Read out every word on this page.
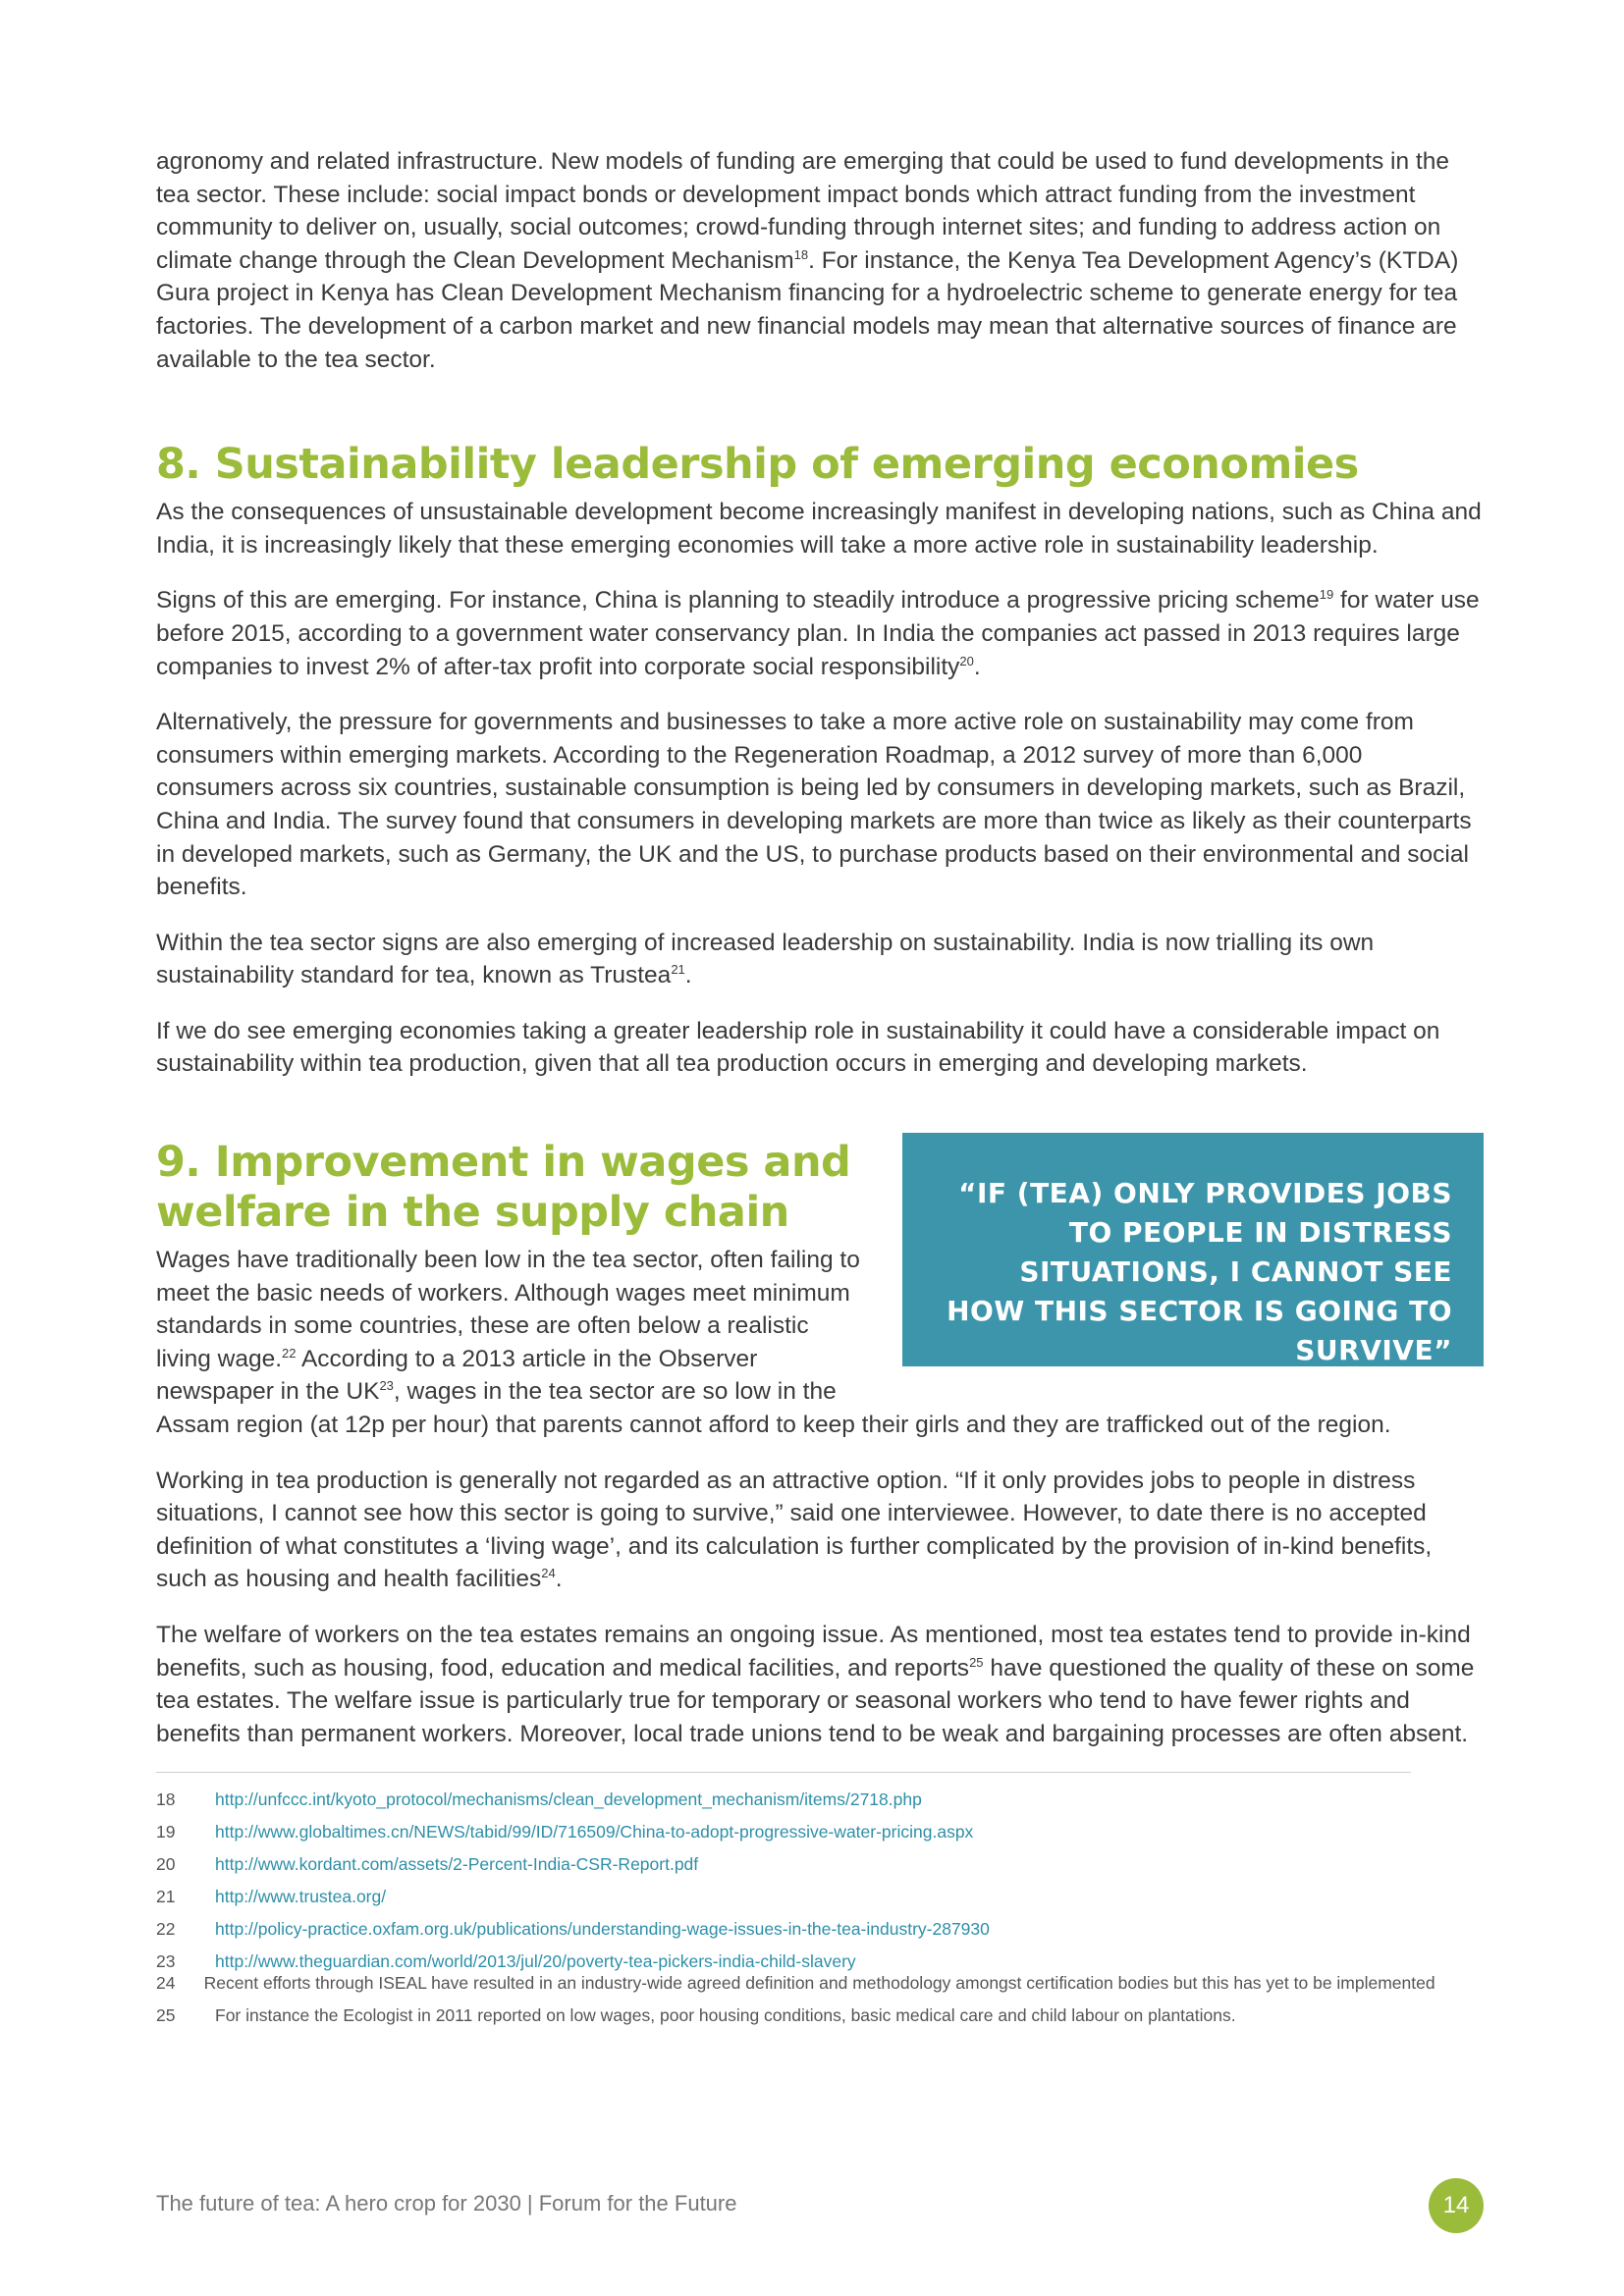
agronomy and related infrastructure. New models of funding are emerging that could be used to fund developments in the tea sector. These include: social impact bonds or development impact bonds which attract funding from the investment community to deliver on, usually, social outcomes; crowd-funding through internet sites; and funding to address action on climate change through the Clean Development Mechanism$^{18}$. For instance, the Kenya Tea Development Agency’s (KTDA) Gura project in Kenya has Clean Development Mechanism financing for a hydroelectric scheme to generate energy for tea factories. The development of a carbon market and new financial models may mean that alternative sources of finance are available to the tea sector.

8. Sustainability leadership of emerging economies

As the consequences of unsustainable development become increasingly manifest in developing nations, such as China and India, it is increasingly likely that these emerging economies will take a more active role in sustainability leadership.

Signs of this are emerging. For instance, China is planning to steadily introduce a progressive pricing scheme$^{19}$ for water use before 2015, according to a government water conservancy plan. In India the companies act passed in 2013 requires large companies to invest 2% of after-tax profit into corporate social responsibility$^{20}$.

Alternatively, the pressure for governments and businesses to take a more active role on sustainability may come from consumers within emerging markets. According to the Regeneration Roadmap, a 2012 survey of more than 6,000 consumers across six countries, sustainable consumption is being led by consumers in developing markets, such as Brazil, China and India. The survey found that consumers in developing markets are more than twice as likely as their counterparts in developed markets, such as Germany, the UK and the US, to purchase products based on their environmental and social benefits.

Within the tea sector signs are also emerging of increased leadership on sustainability. India is now trialling its own sustainability standard for tea, known as Trustea$^{21}$.

If we do see emerging economies taking a greater leadership role in sustainability it could have a considerable impact on sustainability within tea production, given that all tea production occurs in emerging and developing markets.

“IF (TEA) ONLY PROVIDES JOBS TO PEOPLE IN DISTRESS SITUATIONS, I CANNOT SEE HOW THIS SECTOR IS GOING TO SURVIVE”
9. Improvement in wages and
welfare in the supply chain

Wages have traditionally been low in the tea sector, often failing to meet the basic needs of workers. Although wages meet minimum standards in some countries, these are often below a realistic living wage.$^{22}$ According to a 2013 article in the Observer newspaper in the UK$^{23}$, wages in the tea sector are so low in the Assam region (at 12p per hour) that parents cannot afford to keep their girls and they are trafficked out of the region.

Working in tea production is generally not regarded as an attractive option. “If it only provides jobs to people in distress situations, I cannot see how this sector is going to survive,” said one interviewee. However, to date there is no accepted definition of what constitutes a ‘living wage’, and its calculation is further complicated by the provision of in-kind benefits, such as housing and health facilities$^{24}$.

The welfare of workers on the tea estates remains an ongoing issue. As mentioned, most tea estates tend to provide in-kind benefits, such as housing, food, education and medical facilities, and reports$^{25}$ have questioned the quality of these on some tea estates. The welfare issue is particularly true for temporary or seasonal workers who tend to have fewer rights and benefits than permanent workers. Moreover, local trade unions tend to be weak and bargaining processes are often absent.

18	http://unfccc.int/kyoto_protocol/mechanisms/clean_development_mechanism/items/2718.php
19	http://www.globaltimes.cn/NEWS/tabid/99/ID/716509/China-to-adopt-progressive-water-pricing.aspx
20	http://www.kordant.com/assets/2-Percent-India-CSR-Report.pdf
21	http://www.trustea.org/
22	http://policy-practice.oxfam.org.uk/publications/understanding-wage-issues-in-the-tea-industry-287930
23	http://www.theguardian.com/world/2013/jul/20/poverty-tea-pickers-india-child-slavery
24 Recent efforts through ISEAL have resulted in an industry-wide agreed definition and methodology amongst certification bodies but this has yet to be implemented
25	For instance the Ecologist in 2011 reported on low wages, poor housing conditions, basic medical care and child labour on plantations.
The future of tea: A hero crop for 2030 | Forum for the Future	14
